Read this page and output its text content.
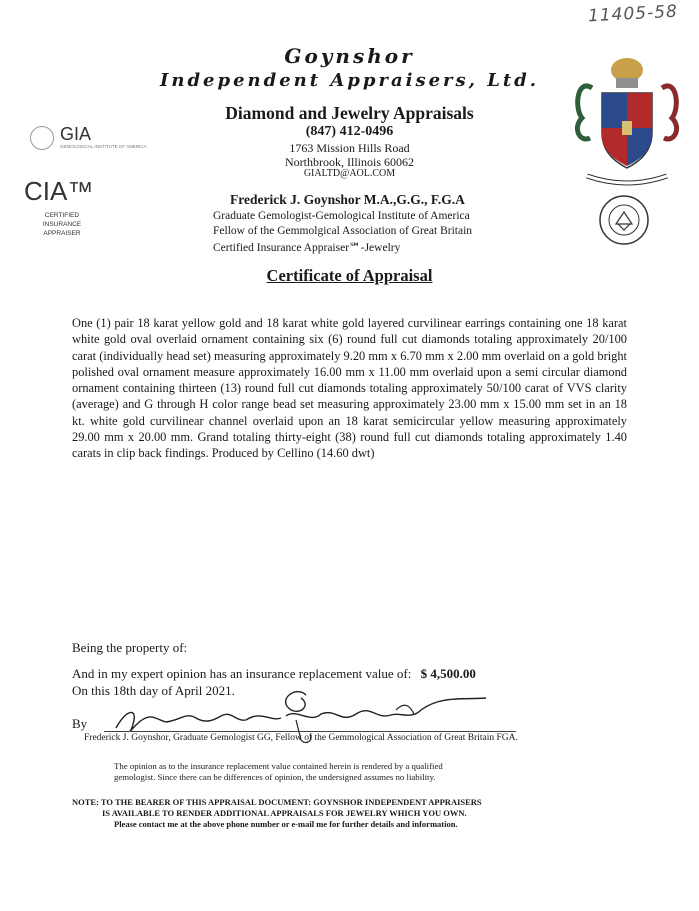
11405-58
Goynshor
Independent Appraisers, Ltd.
Diamond and Jewelry Appraisals
(847) 412-0496
1763 Mission Hills Road
Northbrook, Illinois 60062
GIALTD@AOL.COM
GIA
GEMOLOGICAL INSTITUTE OF AMERICA
CIA™
CERTIFIED
INSURANCE
APPRAISER
Frederick J. Goynshor M.A.,G.G., F.G.A
Graduate Gemologist-Gemological Institute of America
Fellow of the Gemmolgical Association of Great Britain
Certified Insurance Appraiser℠-Jewelry
Certificate of Appraisal
One (1) pair 18 karat yellow gold and 18 karat white gold layered curvilinear earrings containing one 18 karat white gold oval overlaid ornament containing six (6) round full cut diamonds totaling approximately 20/100 carat (individually head set) measuring approximately 9.20 mm x 6.70 mm x 2.00 mm overlaid on a gold bright polished oval ornament measure approximately 16.00 mm x 11.00 mm overlaid upon a semi circular diamond ornament containing thirteen (13) round full cut diamonds totaling approximately 50/100 carat of VVS clarity (average) and G through H color range bead set measuring approximately 23.00 mm x 15.00 mm set in an 18 kt. white gold curvilinear channel overlaid upon an 18 karat semicircular yellow measuring approximately 29.00 mm x 20.00 mm. Grand totaling thirty-eight (38) round full cut diamonds totaling approximately 1.40 carats in clip back findings. Produced by Cellino (14.60 dwt)
Being the property of:
And in my expert opinion has an insurance replacement value of: $ 4,500.00
On this 18th day of April 2021.
By
Frederick J. Goynshor, Graduate Gemologist GG, Fellow of the Gemmological Association of Great Britain FGA.
The opinion as to the insurance replacement value contained herein is rendered by a qualified
gemologist. Since there can be differences of opinion, the undersigned assumes no liability.
NOTE: TO THE BEARER OF THIS APPRAISAL DOCUMENT: GOYNSHOR INDEPENDENT APPRAISERS
IS AVAILABLE TO RENDER ADDITIONAL APPRAISALS FOR JEWELRY WHICH YOU OWN.
Please contact me at the above phone number or e-mail me for further details and information.
